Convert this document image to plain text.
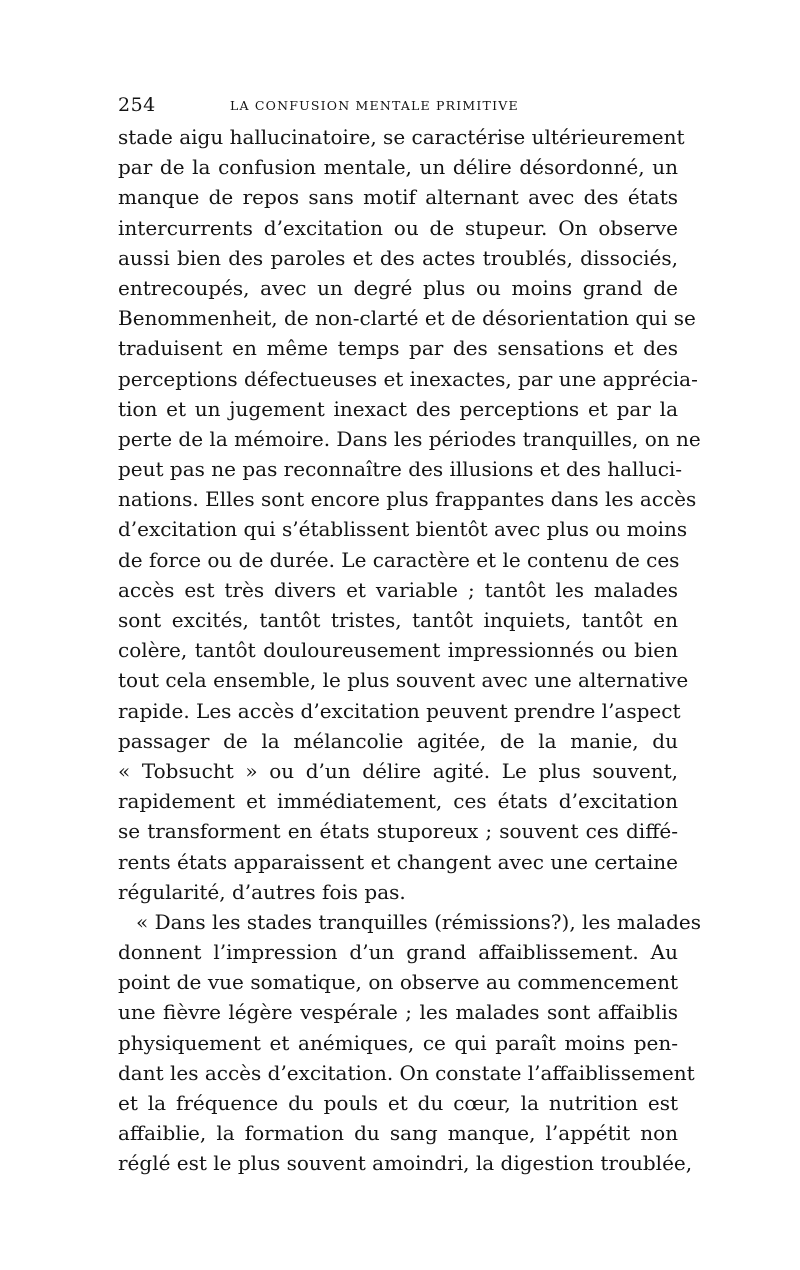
254	LA CONFUSION MENTALE PRIMITIVE
stade aigu hallucinatoire, se caractérise ultérieurement
par de la confusion mentale, un délire désordonné, un
manque de repos sans motif alternant avec des états
intercurrents d’excitation ou de stupeur. On observe
aussi bien des paroles et des actes troublés, dissociés,
entrecoupés, avec un degré plus ou moins grand de
Benommenheit, de non-clarté et de désorientation qui se
traduisent en même temps par des sensations et des
perceptions défectueuses et inexactes, par une apprécia-
tion et un jugement inexact des perceptions et par la
perte de la mémoire. Dans les périodes tranquilles, on ne
peut pas ne pas reconnaître des illusions et des halluci-
nations. Elles sont encore plus frappantes dans les accès
d’excitation qui s’établissent bientôt avec plus ou moins
de force ou de durée. Le caractère et le contenu de ces
accès est très divers et variable ; tantôt les malades
sont excités, tantôt tristes, tantôt inquiets, tantôt en
colère, tantôt douloureusement impressionnés ou bien
tout cela ensemble, le plus souvent avec une alternative
rapide. Les accès d’excitation peuvent prendre l’aspect
passager de la mélancolie agitée, de la manie, du
« Tobsucht » ou d’un délire agité. Le plus souvent,
rapidement et immédiatement, ces états d’excitation
se transforment en états stuporeux ; souvent ces diffé-
rents états apparaissent et changent avec une certaine
régularité, d’autres fois pas.
« Dans les stades tranquilles (rémissions?), les malades
donnent l’impression d’un grand affaiblissement. Au
point de vue somatique, on observe au commencement
une fièvre légère vespérale ; les malades sont affaiblis
physiquement et anémiques, ce qui paraît moins pen-
dant les accès d’excitation. On constate l’affaiblissement
et la fréquence du pouls et du cœur, la nutrition est
affaiblie, la formation du sang manque, l’appétit non
réglé est le plus souvent amoindri, la digestion troublée,
